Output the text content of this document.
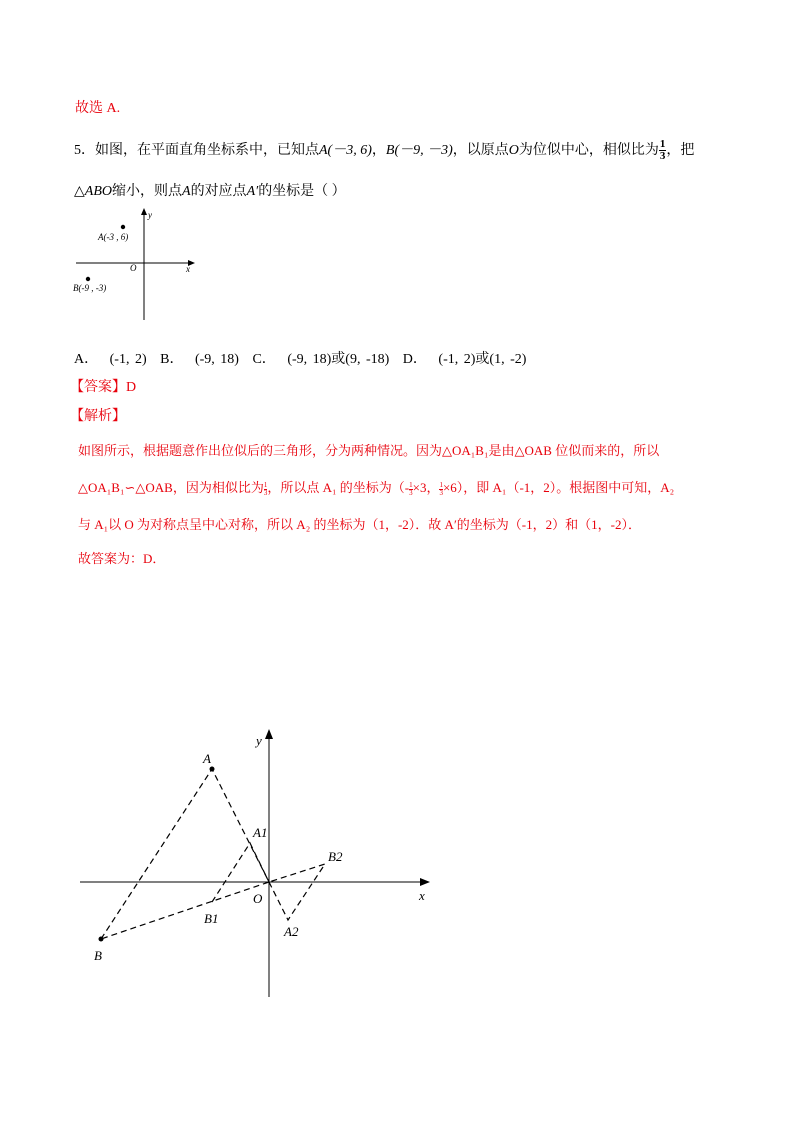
故选 A.
5．如图，在平面直角坐标系中，已知点A(－3, 6)，B(－9, －3)，以原点O为位似中心，相似比为 $\frac{1}{3}$ ，把
△ABO缩小，则点A的对应点A′的坐标是（ ）
y
x
O
A(-3 , 6)
B(-9 , -3)
A． (-1, 2) B． (-9, 18) C． (-9, 18)或(9, -18) D． (-1, 2)或(1, -2)
【答案】D
【解析】
如图所示，根据题意作出位似后的三角形，分为两种情况。因为△OA₁B₁是由△OAB 位似而来的，所以
△OA₁B₁∽△OAB，因为相似比为 $\frac{1}{3}$ ，所以点 A₁ 的坐标为（- $\frac{1}{3} \times 3$， $\frac{1}{3} \times 6$），即 A₁（-1，2）。根据图中可知，A₂
与 A₁以 O 为对称点呈中心对称，所以 A₂ 的坐标为（1，-2）．故 A′的坐标为（-1，2）和（1，-2）．
故答案为：D．
y
x
O
A
A1
A2
B
B1
B2
